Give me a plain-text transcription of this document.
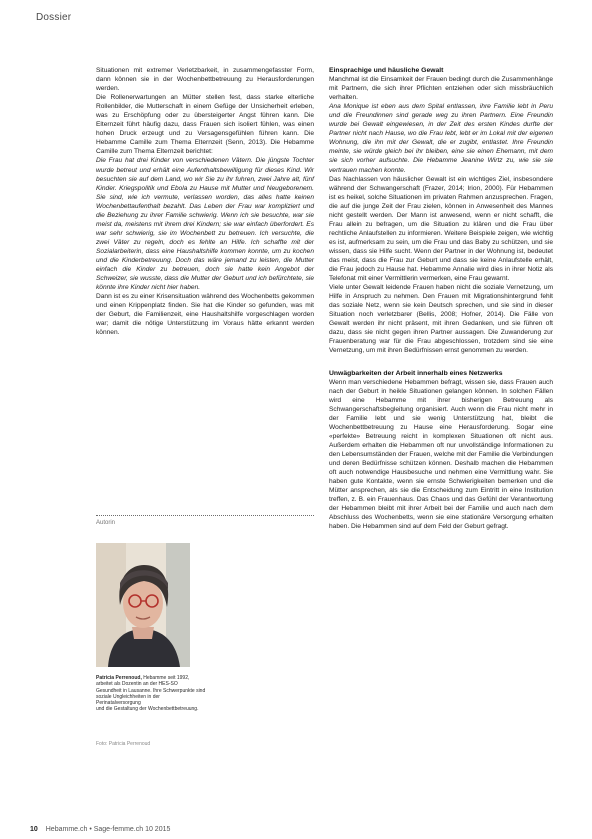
Dossier

Situationen mit extremer Verletzbarkeit, in zusammengefasster Form, dann können sie in der Wochenbettbetreuung zu Herausforderungen werden.

Die Rollenerwartungen an Mütter stellen fest, dass starke elterliche Rollenbilder, die Mutterschaft in einem Gefüge der Unsicherheit erleben, was zu Erschöpfung oder zu übersteigerter Angst führen kann. Die Elternzeit führt häufig dazu, dass Frauen sich isoliert fühlen, was einen hohen Druck erzeugt und zu Versagensgefühlen führen kann. Die Hebamme Camille zum Thema Elternzeit (Senn, 2013). Die Hebamme Camille zum Thema Elternzeit berichtet:

Die Frau hat drei Kinder von verschiedenen Vätern. Die jüngste Tochter wurde betreut und erhält eine Aufenthaltsbewilligung für dieses Kind. Wir besuchten sie auf dem Land, wo wir Sie zu ihr fuhren, zwei Jahre alt, fünf Kinder. Kriegspolitik und Ebola zu Hause mit Mutter und Neugeborenem. Sie sind, wie ich vermute, verlassen worden, das alles hatte keinen Wochenbettaufenthalt bezahlt. Das Leben der Frau war kompliziert und die Beziehung zu ihrer Familie schwierig. Wenn ich sie besuchte, war sie meist da, meistens mit ihrem drei Kindern; sie war einfach überfordert. Es war sehr schwierig, sie im Wochenbett zu betreuen. Ich versuchte, die zwei Väter zu regeln, doch es fehlte an Hilfe. Ich schaffte mit der Sozialarbeiterin, dass eine Haushaltshilfe kommen konnte, um zu kochen und die Kinderbetreuung. Doch das wäre jemand zu leisten, die Mutter einfach die Kinder zu betreuen, doch sie hatte kein Angebot der Schweizer, sie wusste, dass die Mutter der Geburt und ich befürchtete, sie könnte ihre Kinder nicht hier haben.

Dann ist es zu einer Krisensituation während des Wochenbetts gekommen und einen Krippenplatz finden. Sie hat die Kinder so gefunden, was mit der Geburt, die Familienzeit, eine Haushaltshilfe vorgeschlagen worden war; damit die nötige Unterstützung im Voraus hätte erkannt werden können.

Autorin
Patricia Perrenoud, Hebamme seit 1992,
arbeitet als Dozentin an der HES-SO
Gesundheit in Lausanne. Ihre Schwerpunkte sind
soziale Ungleichheiten in der Perinatalversorgung
und die Gestaltung der Wochenbettbetreuung.
Foto: Patricia Perrenoud
Einsprachige und häusliche Gewalt

Manchmal ist die Einsamkeit der Frauen bedingt durch die Zusammenhänge mit Partnern, die sich ihrer Pflichten entziehen oder sich missbräuchlich verhalten.

Ana Monique ist eben aus dem Spital entlassen, ihre Familie lebt in Peru und die Freundinnen sind gerade weg zu ihren Partnern. Eine Freundin wurde bei Gewalt eingewiesen, in der Zeit des ersten Kindes durfte der Partner nicht nach Hause, wo die Frau lebt, lebt er im Lokal mit der eigenen Wohnung, die ihn mit der Gewalt, die er zugibt, entlastet. Ihre Freundin meinte, sie würde gleich bei ihr bleiben, eine sie einen Ehemann, mit dem sie sich vorher aufsuchte. Die Hebamme Jeanine Wirtz zu, wie sie sie vertrauen machen konnte.

Das Nachlassen von häuslicher Gewalt ist ein wichtiges Ziel, insbesondere während der Schwangerschaft (Frazer, 2014; Irion, 2000). Für Hebammen ist es heikel, solche Situationen im privaten Rahmen anzusprechen. Fragen, die auf die junge Zeit der Frau zielen, können in Anwesenheit des Mannes nicht gestellt werden. Der Mann ist anwesend, wenn er nicht schafft, die Frau allein zu befragen, um die Situation zu klären und die Frau über rechtliche Anlaufstellen zu informieren. Weitere Beispiele zeigen, wie wichtig es ist, aufmerksam zu sein, um die Frau und das Baby zu schützen, und sie wissen, dass sie Hilfe sucht. Wenn der Partner in der Wohnung ist, bedeutet das meist, dass die Frau zur Geburt und dass sie keine Anlaufstelle erhält, die Frau jedoch zu Hause hat. Hebamme Annalie wird dies in ihrer Notiz als Telefonat mit einer Vermittlerin vermerken, eine Frau gewarnt.

Viele unter Gewalt leidende Frauen haben nicht die soziale Vernetzung, um Hilfe in Anspruch zu nehmen. Den Frauen mit Migrationshintergrund fehlt das soziale Netz, wenn sie kein Deutsch sprechen, und sie sind in dieser Situation noch verletzbarer (Bellis, 2008; Hofner, 2014). Die Fälle von Gewalt werden ihr nicht präsent, mit ihren Gedanken, und sie führen oft dazu, dass sie nicht gegen ihren Partner aussagen. Die Zuwanderung zur Frauenberatung war für die Frau abgeschlossen, trotzdem sind sie eine Vernetzung, um mit ihren Bedürfnissen ernst genommen zu werden.

Unwägbarkeiten der Arbeit innerhalb eines Netzwerks

Wenn man verschiedene Hebammen befragt, wissen sie, dass Frauen auch nach der Geburt in heikle Situationen gelangen können. In solchen Fällen wird eine Hebamme mit ihrer bisherigen Betreuung als Schwangerschaftsbegleitung organisiert. Auch wenn die Frau nicht mehr in der Familie lebt und sie wenig Unterstützung hat, bleibt die Wochenbettbetreuung zu Hause eine Herausforderung. Sogar eine «perfekte» Betreuung reicht in komplexen Situationen oft nicht aus. Außerdem erhalten die Hebammen oft nur unvollständige Informationen zu den Lebensumständen der Frauen, welche mit der Familie die Verbindungen und deren Bedürfnisse schützen können. Deshalb machen die Hebammen oft auch notwendige Hausbesuche und nehmen eine Vermittlung wahr. Sie haben gute Kontakte, wenn sie ernste Schwierigkeiten bemerken und die Mütter ansprechen, als sie die Entscheidung zum Eintritt in eine Institution treffen, z. B. ein Frauenhaus. Das Chaos und das Gefühl der Verantwortung der Hebammen bleibt mit ihrer Arbeit bei der Familie und auch nach dem Abschluss des Wochenbetts, wenn sie eine stationäre Versorgung erhalten haben. Die Hebammen sind auf dem Feld der Geburt gefragt.

10 Hebamme.ch • Sage-femme.ch 10 2015
